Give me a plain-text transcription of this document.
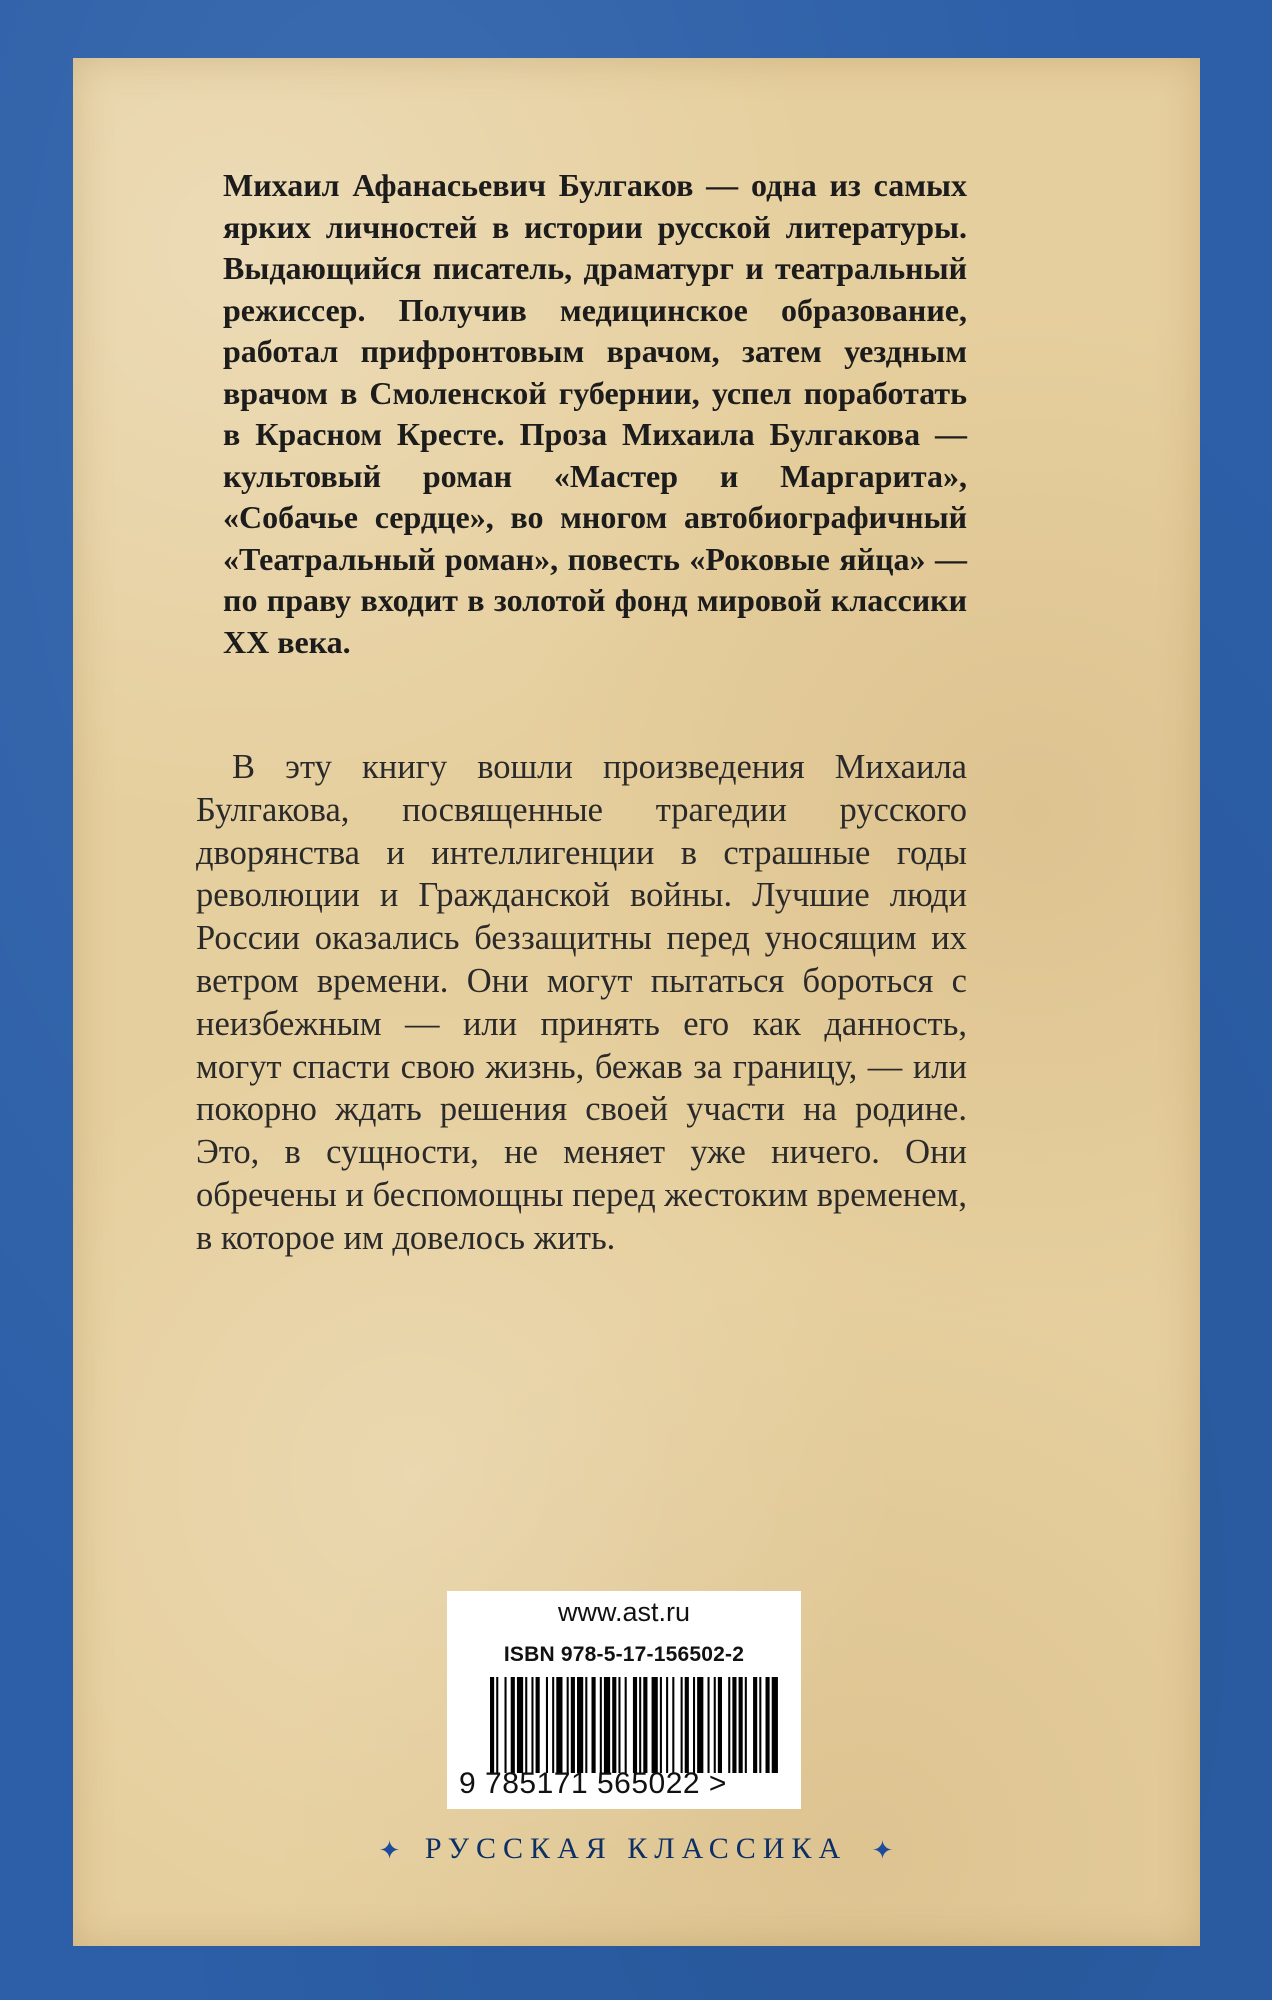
Михаил Афанасьевич Булгаков — одна из самых ярких личностей в истории русской литературы. Выдающийся писатель, драматург и театральный режиссер. Получив медицинское образование, работал прифронтовым врачом, затем уездным врачом в Смоленской губернии, успел поработать в Красном Кресте. Проза Михаила Булгакова — культовый роман «Мастер и Маргарита», «Собачье сердце», во многом автобиографичный «Театральный роман», повесть «Роковые яйца» — по праву входит в золотой фонд мировой классики XX века.

В эту книгу вошли произведения Михаила Булгакова, посвященные трагедии русского дворянства и интеллигенции в страшные годы революции и Гражданской войны. Лучшие люди России оказались беззащитны перед уносящим их ветром времени. Они могут пытаться бороться с неизбежным — или принять его как данность, могут спасти свою жизнь, бежав за границу, — или покорно ждать решения своей участи на родине. Это, в сущности, не меняет уже ничего. Они обречены и беспомощны перед жестоким временем, в которое им довелось жить.

www.ast.ru
ISBN 978-5-17-156502-2
9 785171 565022 >
✦ РУССКАЯ КЛАССИКА ✦
